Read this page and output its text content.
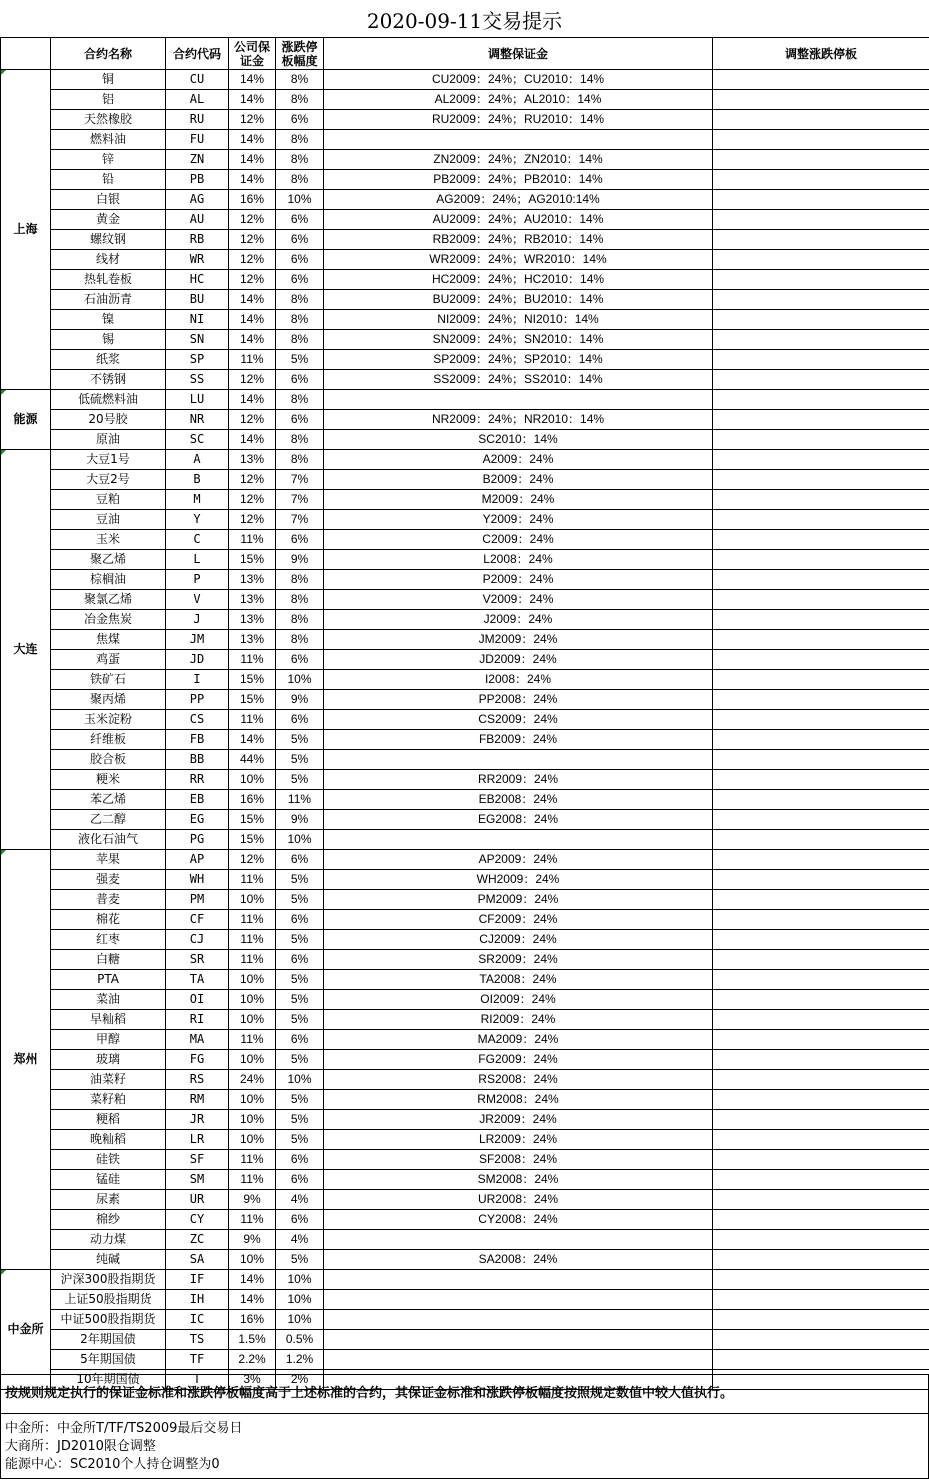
2020-09-11交易提示
	合约名称	合约代码	公司保证金	涨跌停板幅度	调整保证金	调整涨跌停板
上海	铜	CU	14%	8%	CU2009：24%；CU2010：14%	
	铝	AL	14%	8%	AL2009：24%；AL2010：14%	
	天然橡胶	RU	12%	6%	RU2009：24%；RU2010：14%	
	燃料油	FU	14%	8%		
	锌	ZN	14%	8%	ZN2009：24%；ZN2010：14%	
	铅	PB	14%	8%	PB2009：24%；PB2010：14%	
	白银	AG	16%	10%	AG2009：24%；AG2010:14%	
	黄金	AU	12%	6%	AU2009：24%；AU2010：14%	
	螺纹钢	RB	12%	6%	RB2009：24%；RB2010：14%	
	线材	WR	12%	6%	WR2009：24%；WR2010：14%	
	热轧卷板	HC	12%	6%	HC2009：24%；HC2010：14%	
	石油沥青	BU	14%	8%	BU2009：24%；BU2010：14%	
	镍	NI	14%	8%	NI2009：24%；NI2010：14%	
	锡	SN	14%	8%	SN2009：24%；SN2010：14%	
	纸浆	SP	11%	5%	SP2009：24%；SP2010：14%	
	不锈钢	SS	12%	6%	SS2009：24%；SS2010：14%	
能源	低硫燃料油	LU	14%	8%		
	20号胶	NR	12%	6%	NR2009：24%；NR2010：14%	
	原油	SC	14%	8%	SC2010：14%	
大连	大豆1号	A	13%	8%	A2009：24%	
	大豆2号	B	12%	7%	B2009：24%	
	豆粕	M	12%	7%	M2009：24%	
	豆油	Y	12%	7%	Y2009：24%	
	玉米	C	11%	6%	C2009：24%	
	聚乙烯	L	15%	9%	L2008：24%	
	棕榈油	P	13%	8%	P2009：24%	
	聚氯乙烯	V	13%	8%	V2009：24%	
	冶金焦炭	J	13%	8%	J2009：24%	
	焦煤	JM	13%	8%	JM2009：24%	
	鸡蛋	JD	11%	6%	JD2009：24%	
	铁矿石	I	15%	10%	I2008：24%	
	聚丙烯	PP	15%	9%	PP2008：24%	
	玉米淀粉	CS	11%	6%	CS2009：24%	
	纤维板	FB	14%	5%	FB2009：24%	
	胶合板	BB	44%	5%		
	粳米	RR	10%	5%	RR2009：24%	
	苯乙烯	EB	16%	11%	EB2008：24%	
	乙二醇	EG	15%	9%	EG2008：24%	
	液化石油气	PG	15%	10%		
郑州	苹果	AP	12%	6%	AP2009：24%	
	强麦	WH	11%	5%	WH2009：24%	
	普麦	PM	10%	5%	PM2009：24%	
	棉花	CF	11%	6%	CF2009：24%	
	红枣	CJ	11%	5%	CJ2009：24%	
	白糖	SR	11%	6%	SR2009：24%	
	PTA	TA	10%	5%	TA2008：24%	
	菜油	OI	10%	5%	OI2009：24%	
	早籼稻	RI	10%	5%	RI2009：24%	
	甲醇	MA	11%	6%	MA2009：24%	
	玻璃	FG	10%	5%	FG2009：24%	
	油菜籽	RS	24%	10%	RS2008：24%	
	菜籽粕	RM	10%	5%	RM2008：24%	
	粳稻	JR	10%	5%	JR2009：24%	
	晚籼稻	LR	10%	5%	LR2009：24%	
	硅铁	SF	11%	6%	SF2008：24%	
	锰硅	SM	11%	6%	SM2008：24%	
	尿素	UR	9%	4%	UR2008：24%	
	棉纱	CY	11%	6%	CY2008：24%	
	动力煤	ZC	9%	4%		
	纯碱	SA	10%	5%	SA2008：24%	
中金所	沪深300股指期货	IF	14%	10%		
	上证50股指期货	IH	14%	10%		
	中证500股指期货	IC	16%	10%		
	2年期国债	TS	1.5%	0.5%		
	5年期国债	TF	2.2%	1.2%		
	10年期国债	T	3%	2%		
按规则规定执行的保证金标准和涨跌停板幅度高于上述标准的合约，其保证金标准和涨跌停板幅度按照规定数值中较大值执行。
中金所：中金所T/TF/TS2009最后交易日
大商所：JD2010限仓调整
能源中心：SC2010个人持仓调整为0
